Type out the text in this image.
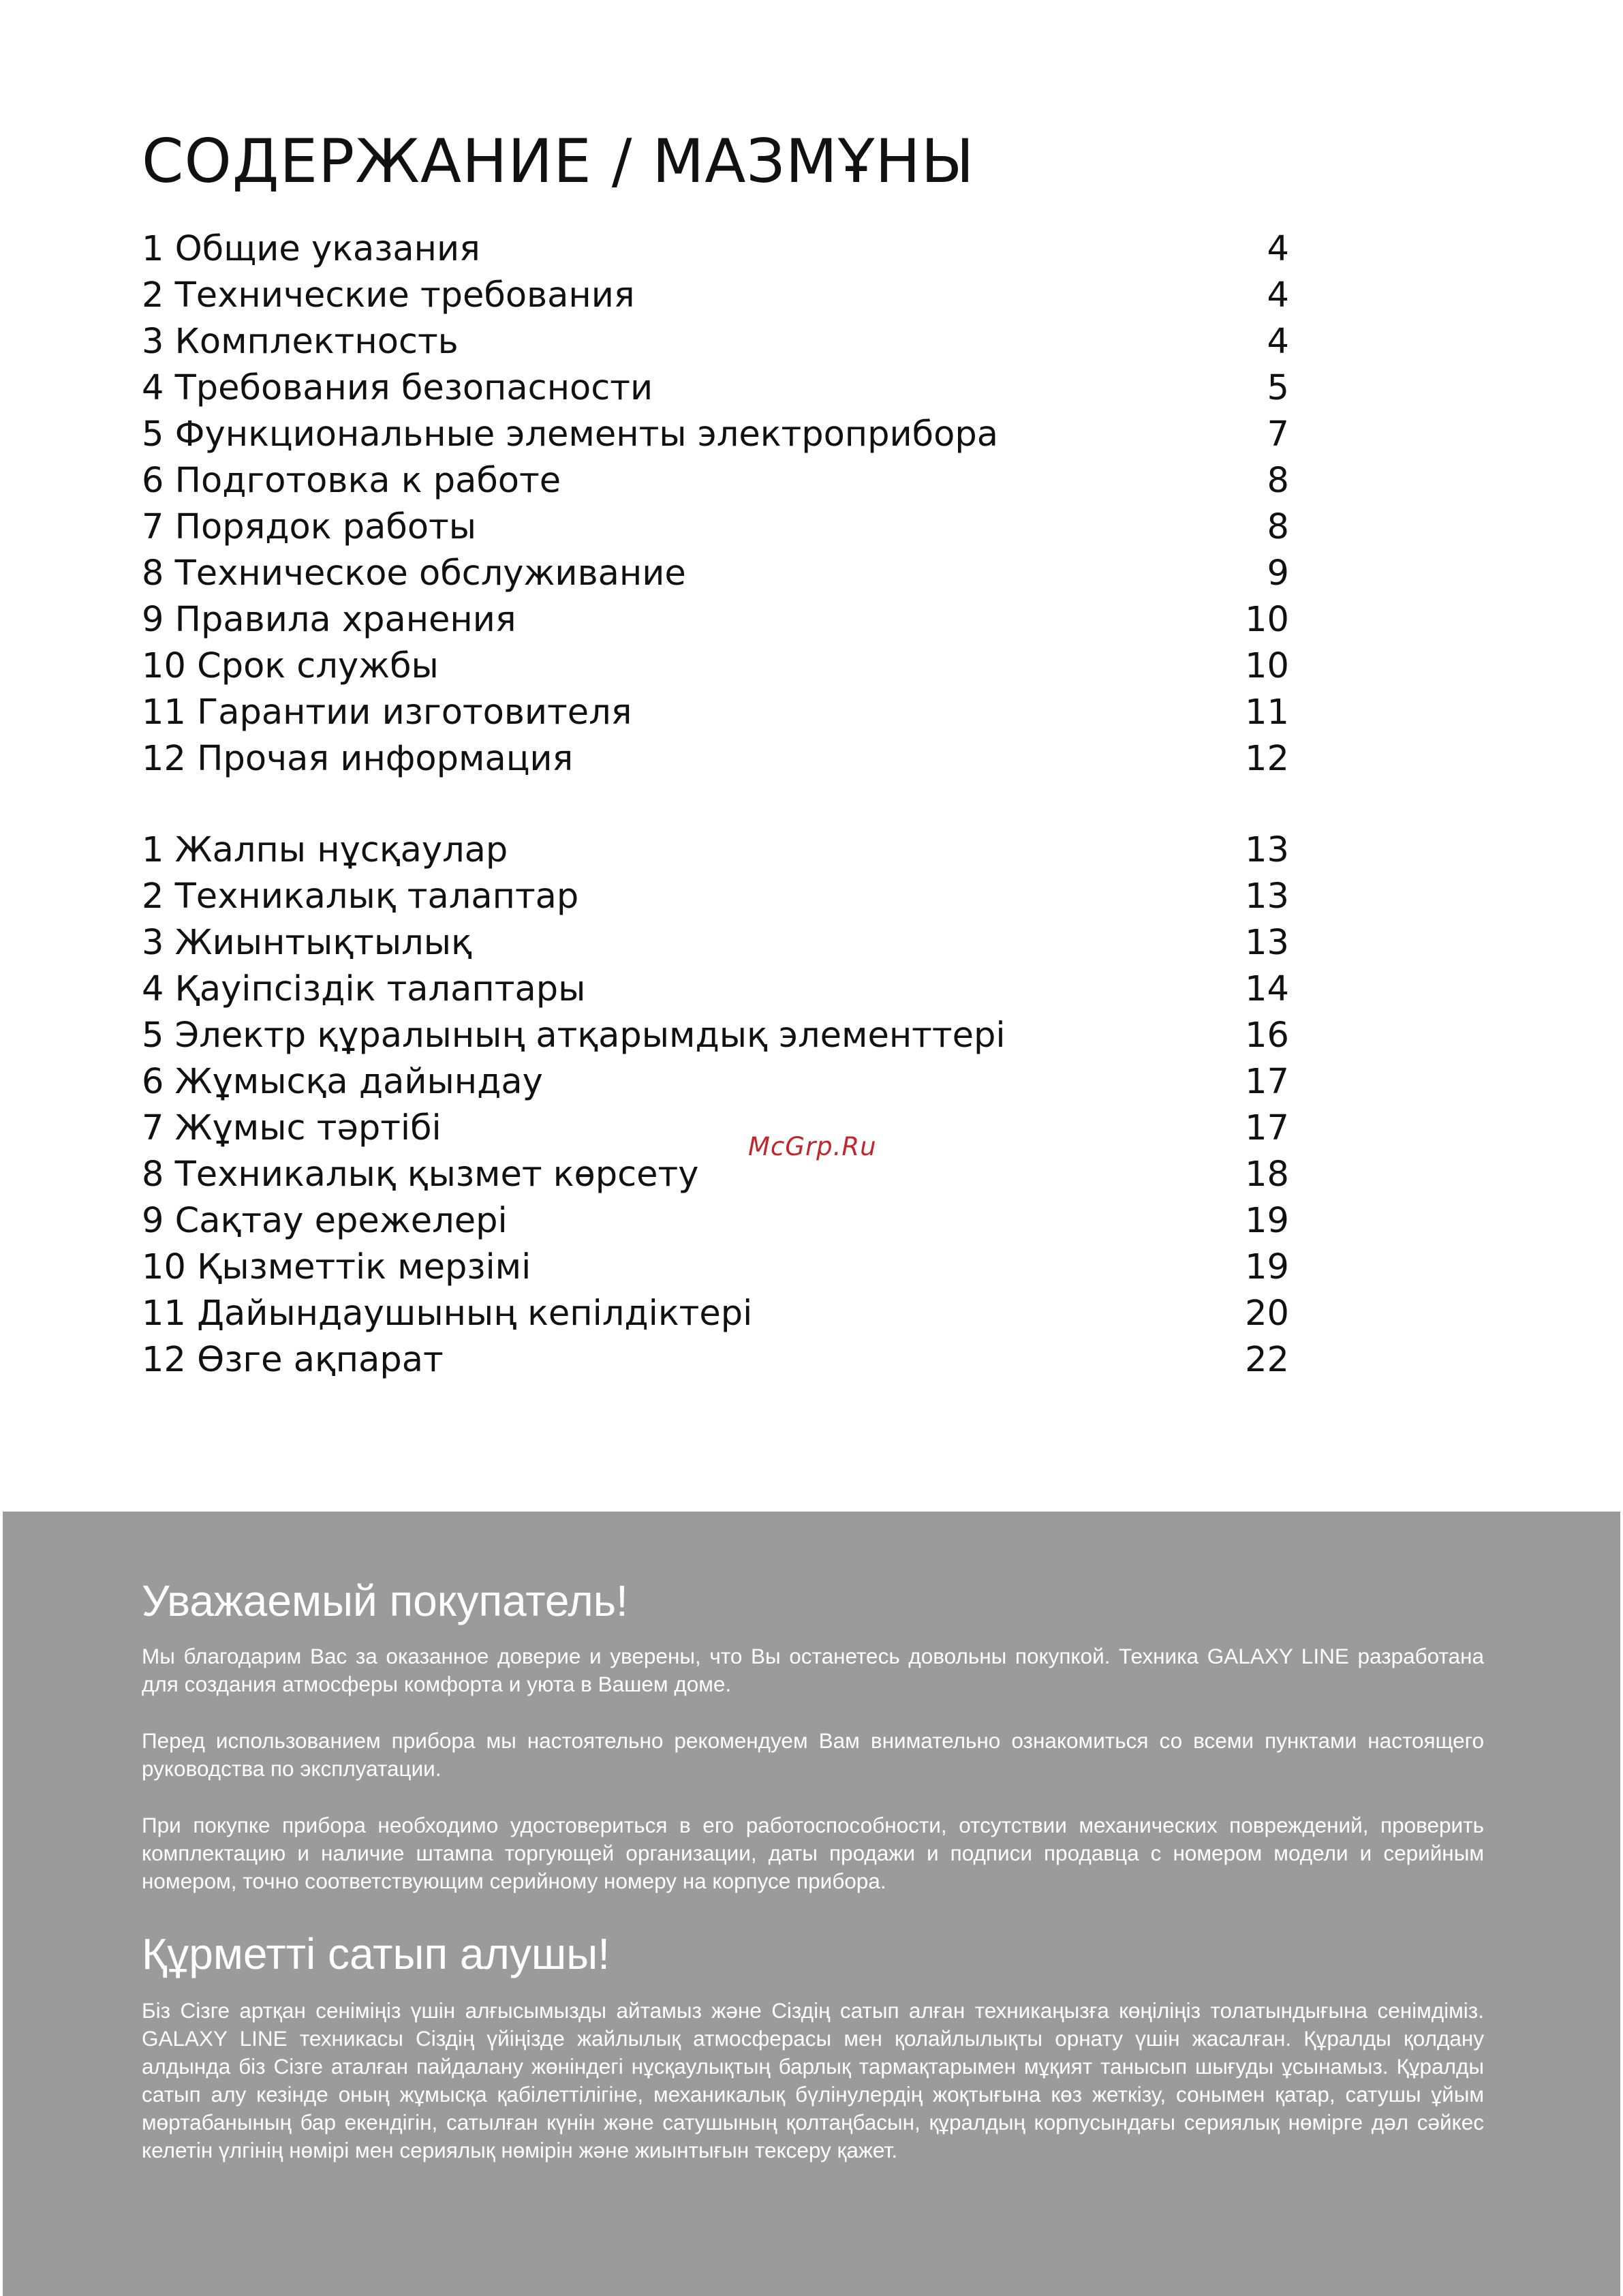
СОДЕРЖАНИЕ / МАЗМҰНЫ
1 Общие указания	4
2 Технические требования	4
3 Комплектность	4
4 Требования безопасности	5
5 Функциональные элементы электроприбора	7
6 Подготовка к работе	8
7 Порядок работы	8
8 Техническое обслуживание	9
9 Правила хранения	10
10 Срок службы	10
11 Гарантии изготовителя	11
12 Прочая информация	12
1 Жалпы нұсқаулар	13
2 Техникалық талаптар	13
3 Жиынтықтылық	13
4 Қауіпсіздік талаптары	14
5 Электр құралының атқарымдық элементтері	16
6 Жұмысқа дайындау	17
7 Жұмыс тәртібі	17
8 Техникалық қызмет көрсету	18
9 Сақтау ережелері	19
10 Қызметтік мерзімі	19
11 Дайындаушының кепілдіктері	20
12 Өзге ақпарат	22
McGrp.Ru
Уважаемый покупатель!

Мы благодарим Вас за оказанное доверие и уверены, что Вы останетесь довольны покупкой. Техника GALAXY LINE разработана для создания атмосферы комфорта и уюта в Вашем доме.

Перед использованием прибора мы настоятельно рекомендуем Вам внимательно ознакомиться со всеми пунктами настоящего руководства по эксплуатации.

При покупке прибора необходимо удостовериться в его работоспособности, отсутствии механических повреждений, проверить комплектацию и наличие штампа торгующей организации, даты продажи и подписи продавца с номером модели и серийным номером, точно соответствующим серийному номеру на корпусе прибора.

Құрметті сатып алушы!

Біз Сізге артқан сеніміңіз үшін алғысымызды айтамыз және Сіздің сатып алған техникаңызға көңіліңіз толатындығына сенімдіміз. GALAXY LINE техникасы Сіздің үйіңізде жайлылық атмосферасы мен қолайлылықты орнату үшін жасалған. Құралды қолдану алдында біз Сізге аталған пайдалану жөніндегі нұсқаулықтың барлық тармақтарымен мұқият танысып шығуды ұсынамыз. Құралды сатып алу кезінде оның жұмысқа қабілеттілігіне, механикалық бүлінулердің жоқтығына көз жеткізу, сонымен қатар, сатушы ұйым мөртабанының бар екендігін, сатылған күнін және сатушының қолтаңбасын, құралдың корпусындағы сериялық нөмірге дәл сәйкес келетін үлгінің нөмірі мен сериялық нөмірін және жиынтығын тексеру қажет.
